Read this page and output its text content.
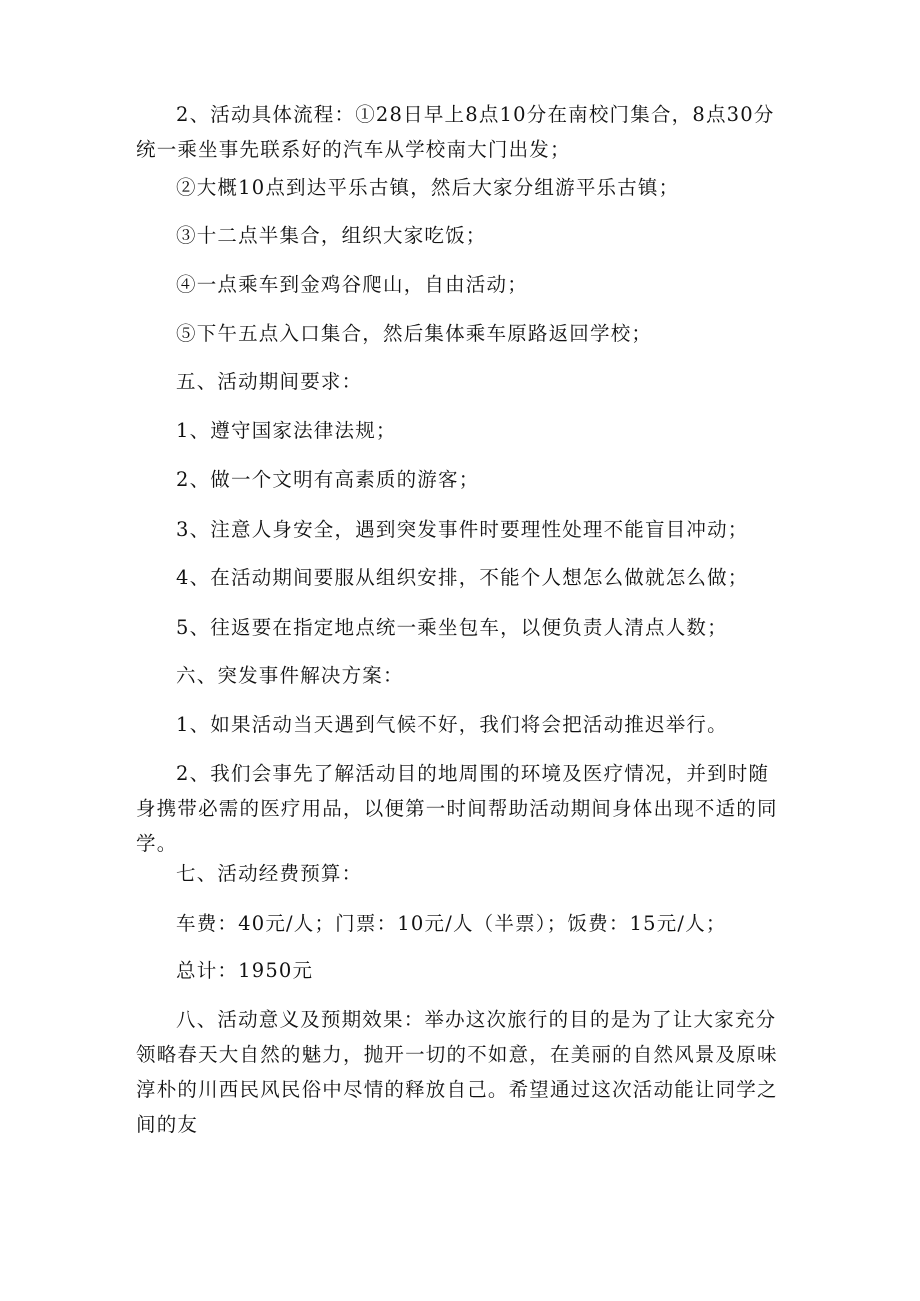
2、活动具体流程：①28日早上8点10分在南校门集合，8点30分统一乘坐事先联系好的汽车从学校南大门出发；

②大概10点到达平乐古镇，然后大家分组游平乐古镇；

③十二点半集合，组织大家吃饭；

④一点乘车到金鸡谷爬山，自由活动；

⑤下午五点入口集合，然后集体乘车原路返回学校；

五、活动期间要求：

1、遵守国家法律法规；

2、做一个文明有高素质的游客；

3、注意人身安全，遇到突发事件时要理性处理不能盲目冲动；

4、在活动期间要服从组织安排，不能个人想怎么做就怎么做；

5、往返要在指定地点统一乘坐包车，以便负责人清点人数；

六、突发事件解决方案：

1、如果活动当天遇到气候不好，我们将会把活动推迟举行。

2、我们会事先了解活动目的地周围的环境及医疗情况，并到时随身携带必需的医疗用品，以便第一时间帮助活动期间身体出现不适的同学。

七、活动经费预算：

车费：40元/人；门票：10元/人（半票）；饭费：15元/人；

总计：1950元

八、活动意义及预期效果：举办这次旅行的目的是为了让大家充分领略春天大自然的魅力，抛开一切的不如意，在美丽的自然风景及原味淳朴的川西民风民俗中尽情的释放自己。希望通过这次活动能让同学之间的友
